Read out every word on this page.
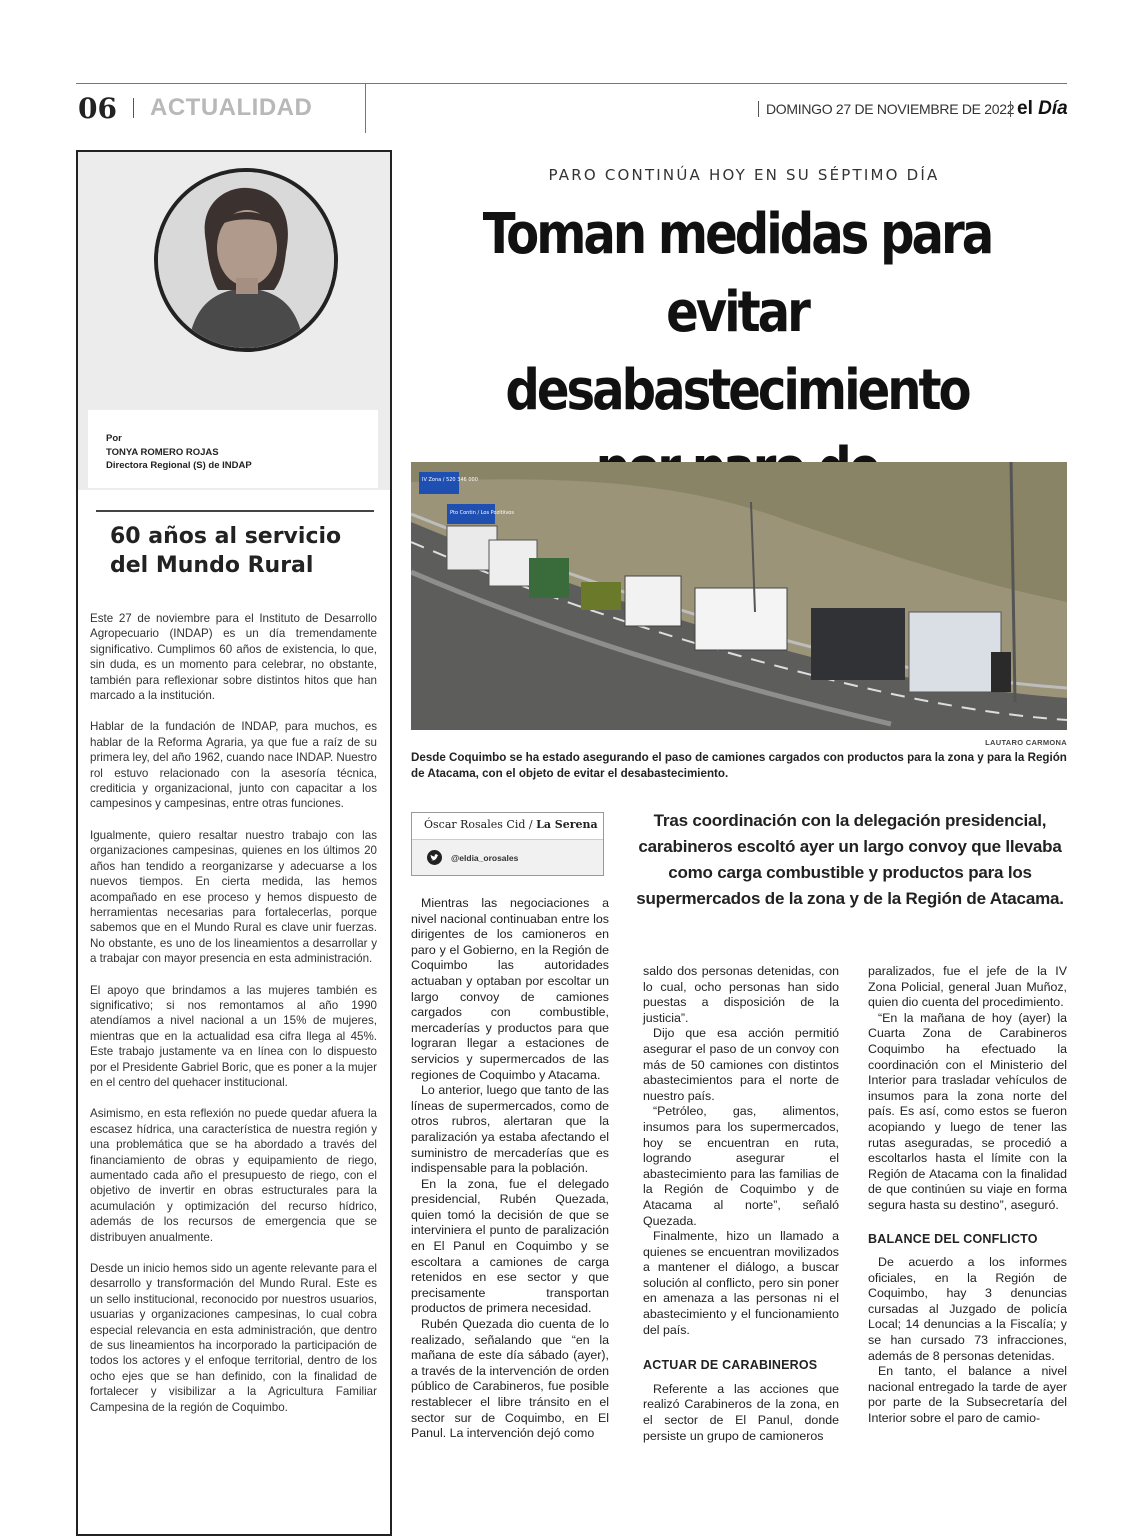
06 ACTUALIDAD	DOMINGO 27 DE NOVIEMBRE DE 2022 el Día
Por
TONYA ROMERO ROJAS
Directora Regional (S) de INDAP
60 años al servicio del Mundo Rural

Este 27 de noviembre para el Instituto de Desarrollo Agropecuario (INDAP) es un día tremendamente significativo. Cumplimos 60 años de existencia, lo que, sin duda, es un momento para celebrar, no obstante, también para reflexionar sobre distintos hitos que han marcado a la institución.

Hablar de la fundación de INDAP, para muchos, es hablar de la Reforma Agraria, ya que fue a raíz de su primera ley, del año 1962, cuando nace INDAP. Nuestro rol estuvo relacionado con la asesoría técnica, crediticia y organizacional, junto con capacitar a los campesinos y campesinas, entre otras funciones.

Igualmente, quiero resaltar nuestro trabajo con las organizaciones campesinas, quienes en los últimos 20 años han tendido a reorganizarse y adecuarse a los nuevos tiempos. En cierta medida, las hemos acompañado en ese proceso y hemos dispuesto de herramientas necesarias para fortalecerlas, porque sabemos que en el Mundo Rural es clave unir fuerzas. No obstante, es uno de los lineamientos a desarrollar y a trabajar con mayor presencia en esta administración.

El apoyo que brindamos a las mujeres también es significativo; si nos remontamos al año 1990 atendíamos a nivel nacional a un 15% de mujeres, mientras que en la actualidad esa cifra llega al 45%. Este trabajo justamente va en línea con lo dispuesto por el Presidente Gabriel Boric, que es poner a la mujer en el centro del quehacer institucional.

Asimismo, en esta reflexión no puede quedar afuera la escasez hídrica, una característica de nuestra región y una problemática que se ha abordado a través del financiamiento de obras y equipamiento de riego, aumentado cada año el presupuesto de riego, con el objetivo de invertir en obras estructurales para la acumulación y optimización del recurso hídrico, además de los recursos de emergencia que se distribuyen anualmente.

Desde un inicio hemos sido un agente relevante para el desarrollo y transformación del Mundo Rural. Este es un sello institucional, reconocido por nuestros usuarios, usuarias y organizaciones campesinas, lo cual cobra especial relevancia en esta administración, que dentro de sus lineamientos ha incorporado la participación de todos los actores y el enfoque territorial, dentro de los ocho ejes que se han definido, con la finalidad de fortalecer y visibilizar a la Agricultura Familiar Campesina de la región de Coquimbo.

PARO CONTINÚA HOY EN SU SÉPTIMO DÍA
Toman medidas para
evitar desabastecimiento
IV Zona / 520 346 000
Pto Contin / Los Pozitiivos
LAUTARO CARMONA
Desde Coquimbo se ha estado asegurando el paso de camiones cargados con productos para la zona y para la Región de Atacama, con el objeto de evitar el desabastecimiento.
Óscar Rosales Cid / La Serena
@eldia_orosales
Tras coordinación con la delegación presidencial, carabineros escoltó ayer un largo convoy que llevaba como carga combustible y productos para los supermercados de la zona y de la Región de Atacama.

Mientras las negociaciones a nivel nacional continuaban entre los dirigentes de los camioneros en paro y el Gobierno, en la Región de Coquimbo las autoridades actuaban y optaban por escoltar un largo convoy de camiones cargados con combustible, mercaderías y productos para que lograran llegar a estaciones de servicios y supermercados de las regiones de Coquimbo y Atacama.

Lo anterior, luego que tanto de las líneas de supermercados, como de otros rubros, alertaran que la paralización ya estaba afectando el suministro de mercaderías que es indispensable para la población.

En la zona, fue el delegado presidencial, Rubén Quezada, quien tomó la decisión de que se interviniera el punto de paralización en El Panul en Coquimbo y se escoltara a camiones de carga retenidos en ese sector y que precisamente transportan productos de primera necesidad.

Rubén Quezada dio cuenta de lo realizado, señalando que “en la mañana de este día sábado (ayer), a través de la intervención de orden público de Carabineros, fue posible restablecer el libre tránsito en el sector sur de Coquimbo, en El Panul. La intervención dejó como

saldo dos personas detenidas, con lo cual, ocho personas han sido puestas a disposición de la justicia”.

Dijo que esa acción permitió asegurar el paso de un convoy con más de 50 camiones con distintos abastecimientos para el norte de nuestro país.

“Petróleo, gas, alimentos, insumos para los supermercados, hoy se encuentran en ruta, logrando asegurar el abastecimiento para las familias de la Región de Coquimbo y de Atacama al norte”, señaló Quezada.

Finalmente, hizo un llamado a quienes se encuentran movilizados a mantener el diálogo, a buscar solución al conflicto, pero sin poner en amenaza a las personas ni el abastecimiento y el funcionamiento del país.

ACTUAR DE CARABINEROS

Referente a las acciones que realizó Carabineros de la zona, en el sector de El Panul, donde persiste un grupo de camioneros

paralizados, fue el jefe de la IV Zona Policial, general Juan Muñoz, quien dio cuenta del procedimiento.

“En la mañana de hoy (ayer) la Cuarta Zona de Carabineros Coquimbo ha efectuado la coordinación con el Ministerio del Interior para trasladar vehículos de insumos para la zona norte del país. Es así, como estos se fueron acopiando y luego de tener las rutas aseguradas, se procedió a escoltarlos hasta el límite con la Región de Atacama con la finalidad de que continúen su viaje en forma segura hasta su destino”, aseguró.

BALANCE DEL CONFLICTO

De acuerdo a los informes oficiales, en la Región de Coquimbo, hay 3 denuncias cursadas al Juzgado de policía Local; 14 denuncias a la Fiscalía; y se han cursado 73 infracciones, además de 8 personas detenidas.

En tanto, el balance a nivel nacional entregado la tarde de ayer por parte de la Subsecretaría del Interior sobre el paro de camio-
